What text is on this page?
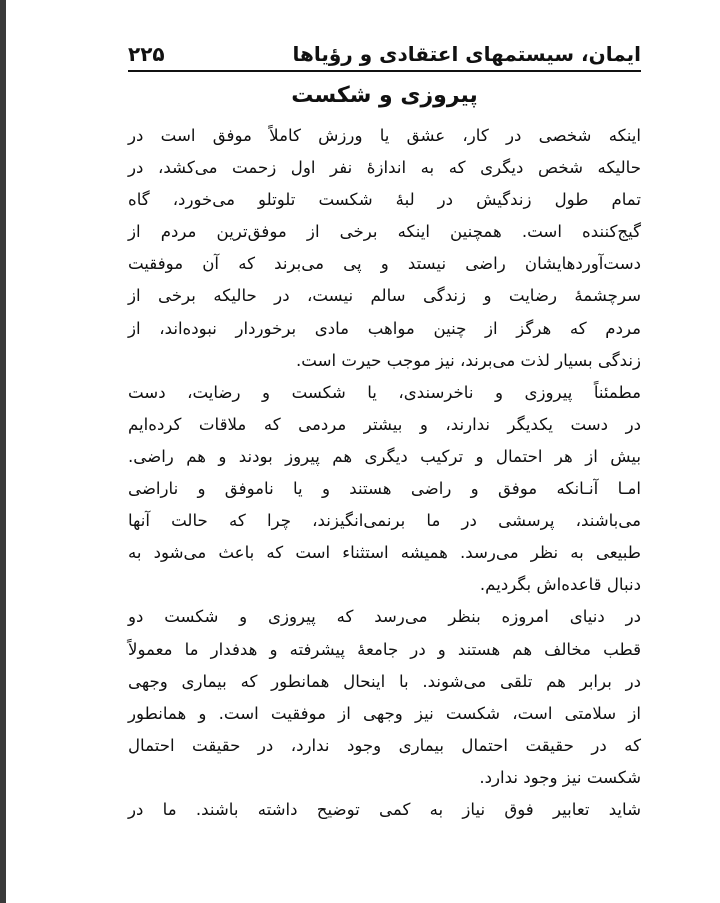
ایمان، سیستمهای اعتقادی و رؤیاها
۲۲۵
پیروزی و شکست
اینکه شخصی در کار، عشق یا ورزش کاملاً موفق است در
حالیکه شخص دیگری که به اندازهٔ نفر اول زحمت می‌کشد، در
تمام طول زندگیش در لبهٔ شکست تلوتلو می‌خورد، گاه
گیج‌کننده است. همچنین اینکه برخی از موفق‌ترین مردم از
دست‌آوردهایشان راضی نیستد و پی می‌برند که آن موفقیت
سرچشمهٔ رضایت و زندگی سالم نیست، در حالیکه برخی از
مردم که هرگز از چنین مواهب مادی برخوردار نبوده‌اند، از
زندگی بسیار لذت می‌برند، نیز موجب حیرت است.
مطمئناً پیروزی و ناخرسندی، یا شکست و رضایت، دست
در دست یکدیگر ندارند، و بیشتر مردمی که ملاقات کرده‌ایم
بیش از هر احتمال و ترکیب دیگری هم پیروز بودند و هم راضی.
امـا آنـانکه موفق و راضی هستند و یا ناموفق و ناراضی
می‌باشند، پرسشی در ما برنمی‌انگیزند، چرا که حالت آنها
طبیعی به نظر می‌رسد. همیشه استثناء است که باعث می‌شود به
دنبال قاعده‌اش بگردیم.
در دنیای امروزه بنظر می‌رسد که پیروزی و شکست دو
قطب مخالف هم هستند و در جامعهٔ پیشرفته و هدفدار ما معمولاً
در برابر هم تلقی می‌شوند. با اینحال همانطور که بیماری وجهی
از سلامتی است، شکست نیز وجهی از موفقیت است. و همانطور
که در حقیقت احتمال بیماری وجود ندارد، در حقیقت احتمال
شکست نیز وجود ندارد.
شاید تعابیر فوق نیاز به کمی توضیح داشته باشند. ما در
